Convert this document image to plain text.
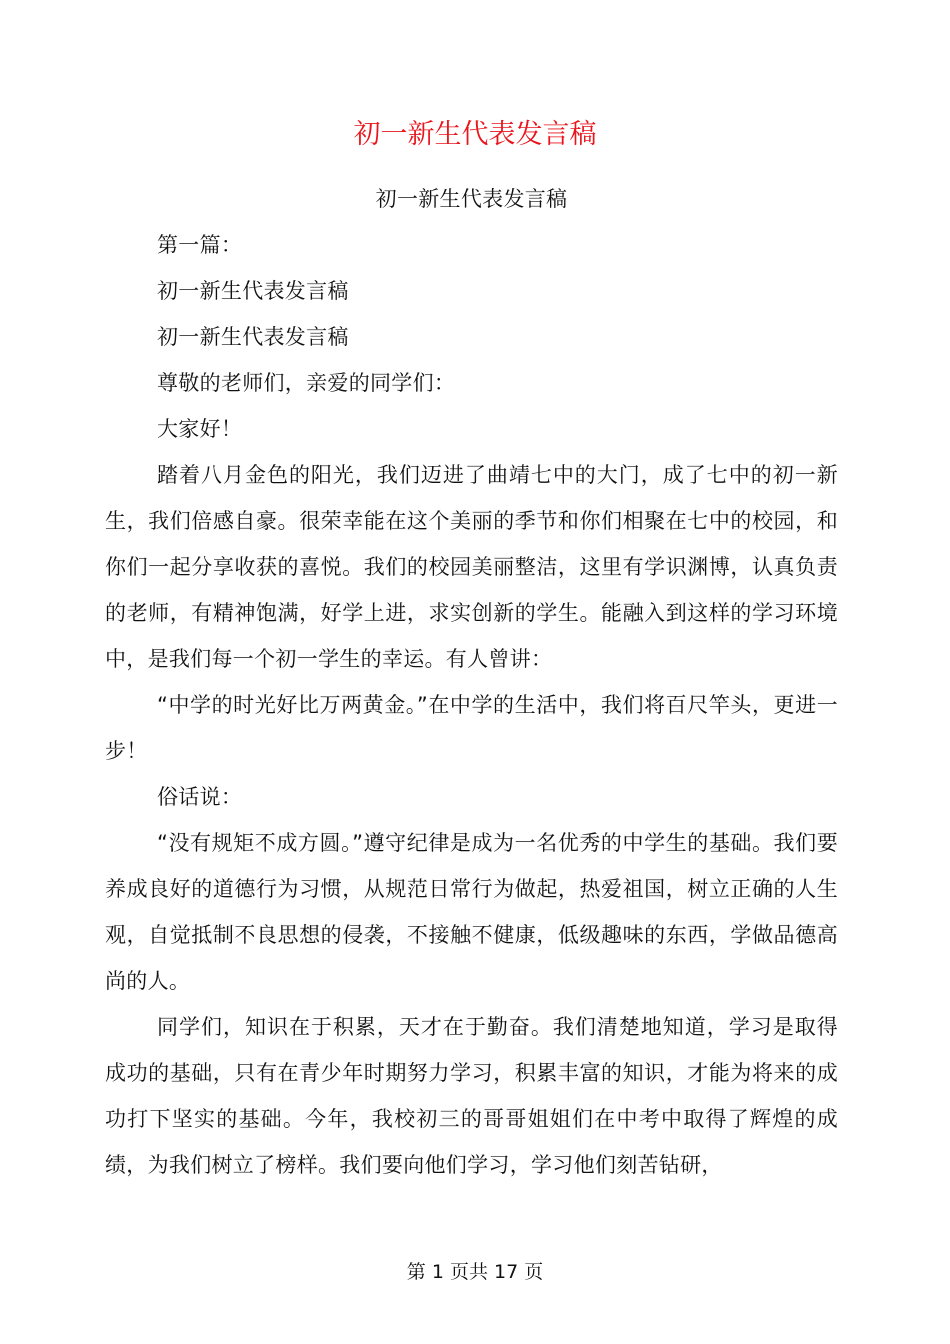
初一新生代表发言稿

初一新生代表发言稿

第一篇：

初一新生代表发言稿

初一新生代表发言稿

尊敬的老师们，亲爱的同学们：

大家好！

踏着八月金色的阳光，我们迈进了曲靖七中的大门，成了七中的初一新生，我们倍感自豪。很荣幸能在这个美丽的季节和你们相聚在七中的校园，和你们一起分享收获的喜悦。我们的校园美丽整洁，这里有学识渊博，认真负责的老师，有精神饱满，好学上进，求实创新的学生。能融入到这样的学习环境中，是我们每一个初一学生的幸运。有人曾讲：

“中学的时光好比万两黄金。”在中学的生活中，我们将百尺竿头，更进一步！

俗话说：

“没有规矩不成方圆。”遵守纪律是成为一名优秀的中学生的基础。我们要养成良好的道德行为习惯，从规范日常行为做起，热爱祖国，树立正确的人生观，自觉抵制不良思想的侵袭，不接触不健康，低级趣味的东西，学做品德高尚的人。

同学们，知识在于积累，天才在于勤奋。我们清楚地知道，学习是取得成功的基础，只有在青少年时期努力学习，积累丰富的知识，才能为将来的成功打下坚实的基础。今年，我校初三的哥哥姐姐们在中考中取得了辉煌的成绩，为我们树立了榜样。我们要向他们学习，学习他们刻苦钻研，

第 1 页共 17 页
